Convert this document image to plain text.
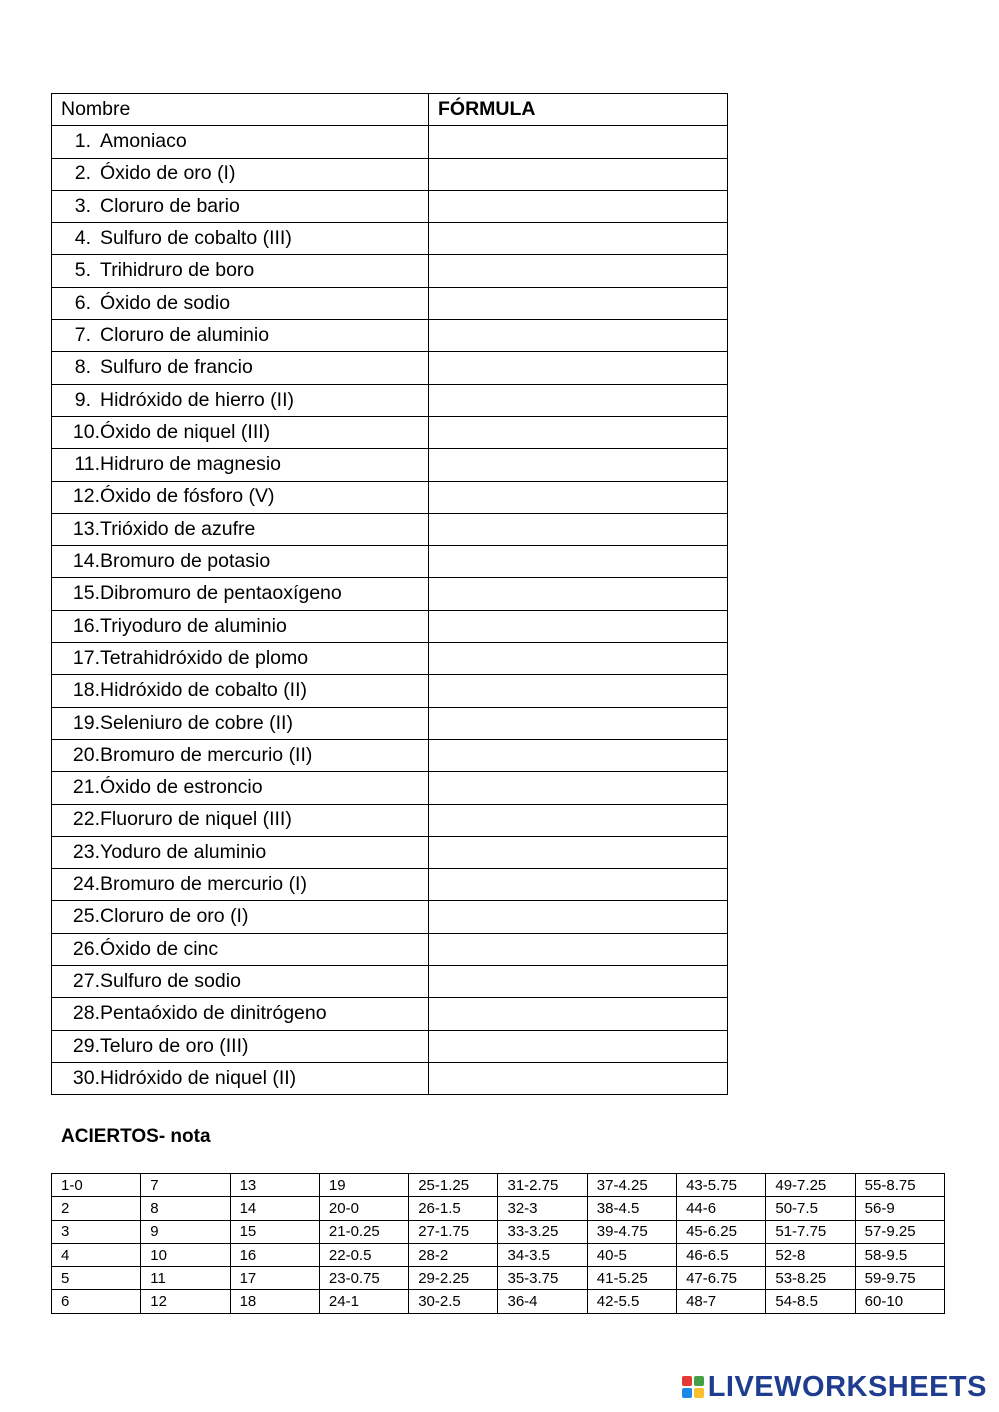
Nombre	FÓRMULA
1. Amoniaco	
2. Óxido de oro (I)	
3. Cloruro de bario	
4. Sulfuro de cobalto (III)	
5. Trihidruro de boro	
6. Óxido de sodio	
7. Cloruro de aluminio	
8. Sulfuro de francio	
9. Hidróxido de hierro (II)	
10.Óxido de niquel (III)	
11.Hidruro de magnesio	
12.Óxido de fósforo (V)	
13.Trióxido de azufre	
14.Bromuro de potasio	
15.Dibromuro de pentaoxígeno	
16.Triyoduro de aluminio	
17.Tetrahidróxido de plomo	
18.Hidróxido de cobalto (II)	
19.Seleniuro de cobre (II)	
20.Bromuro de mercurio (II)	
21.Óxido de estroncio	
22.Fluoruro de niquel (III)	
23.Yoduro de aluminio	
24.Bromuro de mercurio (I)	
25.Cloruro de oro (I)	
26.Óxido de cinc	
27.Sulfuro de sodio	
28.Pentaóxido de dinitrógeno	
29.Teluro de oro (III)	
30.Hidróxido de niquel (II)	
ACIERTOS- nota
1-0	7	13	19	25-1.25	31-2.75	37-4.25	43-5.75	49-7.25	55-8.75
2	8	14	20-0	26-1.5	32-3	38-4.5	44-6	50-7.5	56-9
3	9	15	21-0.25	27-1.75	33-3.25	39-4.75	45-6.25	51-7.75	57-9.25
4	10	16	22-0.5	28-2	34-3.5	40-5	46-6.5	52-8	58-9.5
5	11	17	23-0.75	29-2.25	35-3.75	41-5.25	47-6.75	53-8.25	59-9.75
6	12	18	24-1	30-2.5	36-4	42-5.5	48-7	54-8.5	60-10
LIVEWORKSHEETS
